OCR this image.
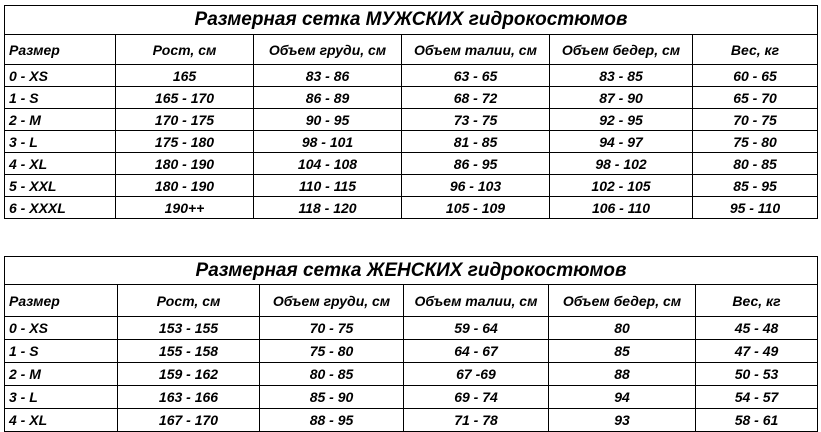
Размерная сетка МУЖСКИХ гидрокостюмов					
Размер	Рост, см	Объем груди, см	Объем талии, см	Объем бедер, см	Вес, кг
0 - XS	165	83 - 86	63 - 65	83 - 85	60 - 65
1 - S	165 - 170	86 - 89	68 - 72	87 - 90	65 - 70
2 - M	170 - 175	90 - 95	73 - 75	92 - 95	70 - 75
3 - L	175 - 180	98 - 101	81 - 85	94 - 97	75 - 80
4 - XL	180 - 190	104 - 108	86 - 95	98 - 102	80 - 85
5 - XXL	180 - 190	110 - 115	96 - 103	102 - 105	85 - 95
6 - XXXL	190++	118 - 120	105 - 109	106 - 110	95 - 110
Размерная сетка ЖЕНСКИХ гидрокостюмов					
Размер	Рост, см	Объем груди, см	Объем талии, см	Объем бедер, см	Вес, кг
0 - XS	153 - 155	70 - 75	59 - 64	80	45 - 48
1 - S	155 - 158	75 - 80	64 - 67	85	47 - 49
2 - M	159 - 162	80 - 85	67 -69	88	50 - 53
3 - L	163 - 166	85 - 90	69 - 74	94	54 - 57
4 - XL	167 - 170	88 - 95	71 - 78	93	58 - 61
